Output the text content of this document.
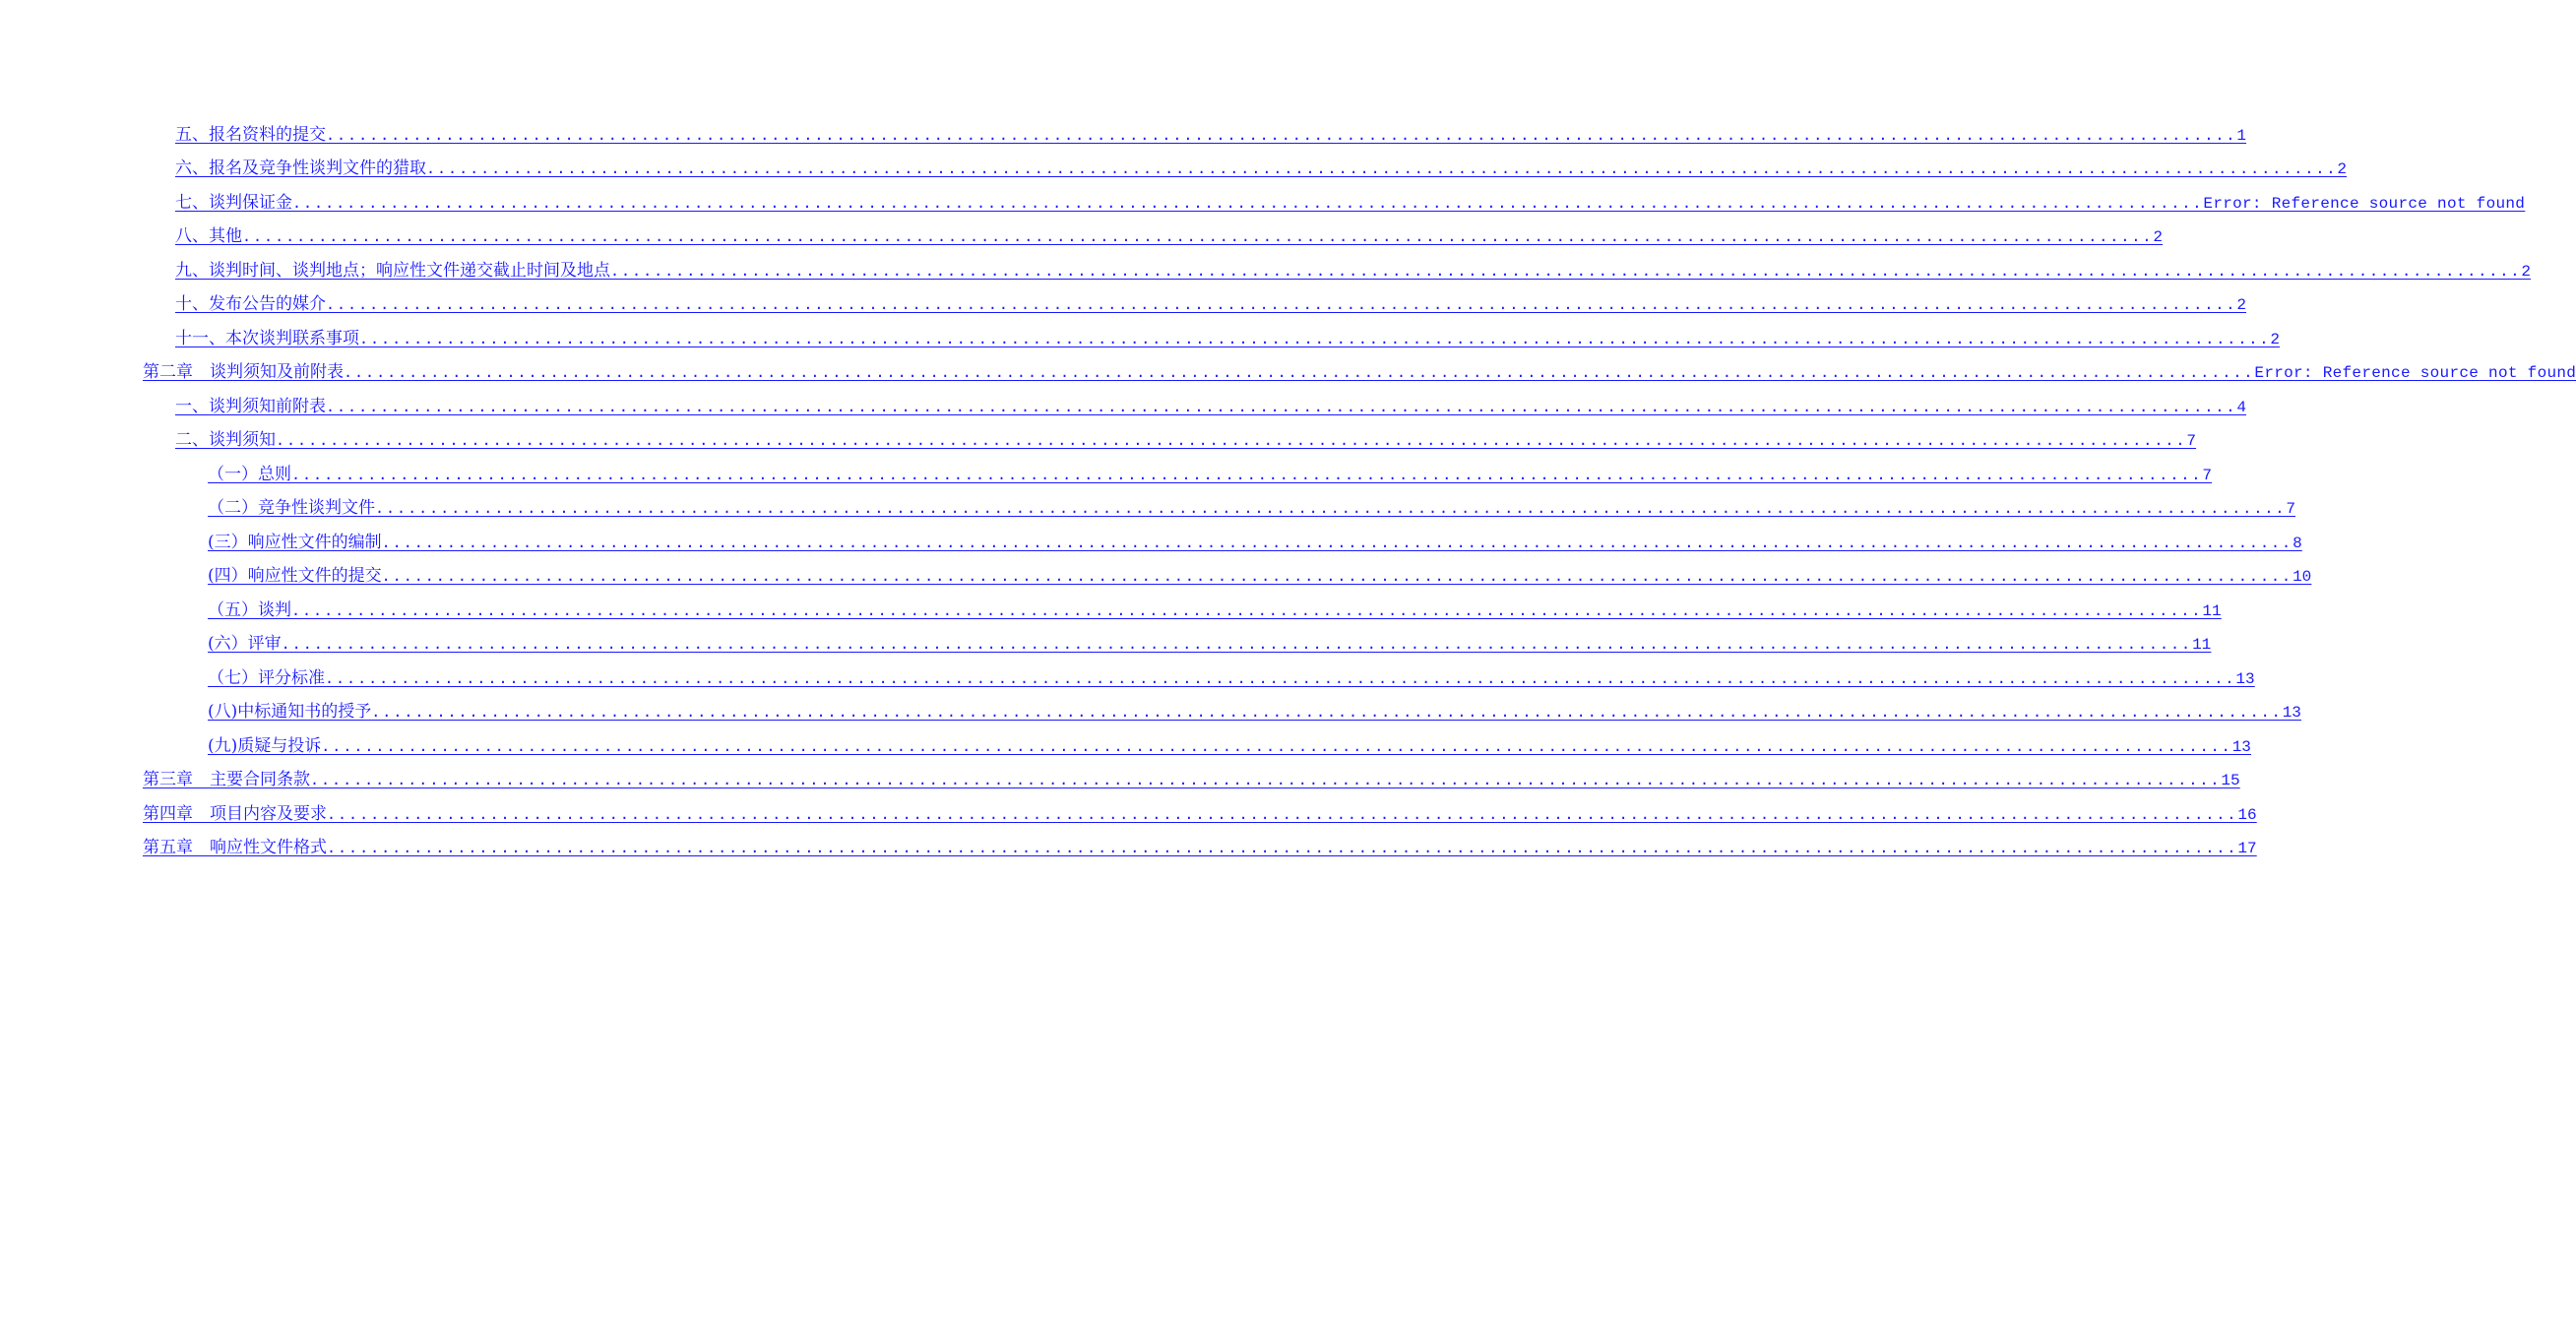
五、报名资料的提交 ................................................................................................................................................................................ 1
六、报名及竞争性谈判文件的猎取 ................................................................................................................................................................................ 2
七、谈判保证金 ................................................................................................................................................................................ Error: Reference source not found
八、其他 ................................................................................................................................................................................ 2
九、谈判时间、谈判地点；响应性文件递交截止时间及地点 ................................................................................................................................................................................ 2
十、发布公告的媒介 ................................................................................................................................................................................ 2
十一、本次谈判联系事项 ................................................................................................................................................................................ 2
第二章　谈判须知及前附表 ................................................................................................................................................................................ Error: Reference source not found
一、谈判须知前附表 ................................................................................................................................................................................ 4
二、谈判须知 ................................................................................................................................................................................ 7
（一）总则 ................................................................................................................................................................................ 7
（二）竞争性谈判文件 ................................................................................................................................................................................ 7
(三）响应性文件的编制 ................................................................................................................................................................................ 8
(四）响应性文件的提交 ................................................................................................................................................................................ 10
（五）谈判 ................................................................................................................................................................................ 11
(六）评审 ................................................................................................................................................................................ 11
（七）评分标准 ................................................................................................................................................................................ 13
(八)中标通知书的授予 ................................................................................................................................................................................ 13
(九)质疑与投诉 ................................................................................................................................................................................ 13
第三章　主要合同条款 ................................................................................................................................................................................ 15
第四章　项目内容及要求 ................................................................................................................................................................................ 16
第五章　响应性文件格式 ................................................................................................................................................................................ 17
